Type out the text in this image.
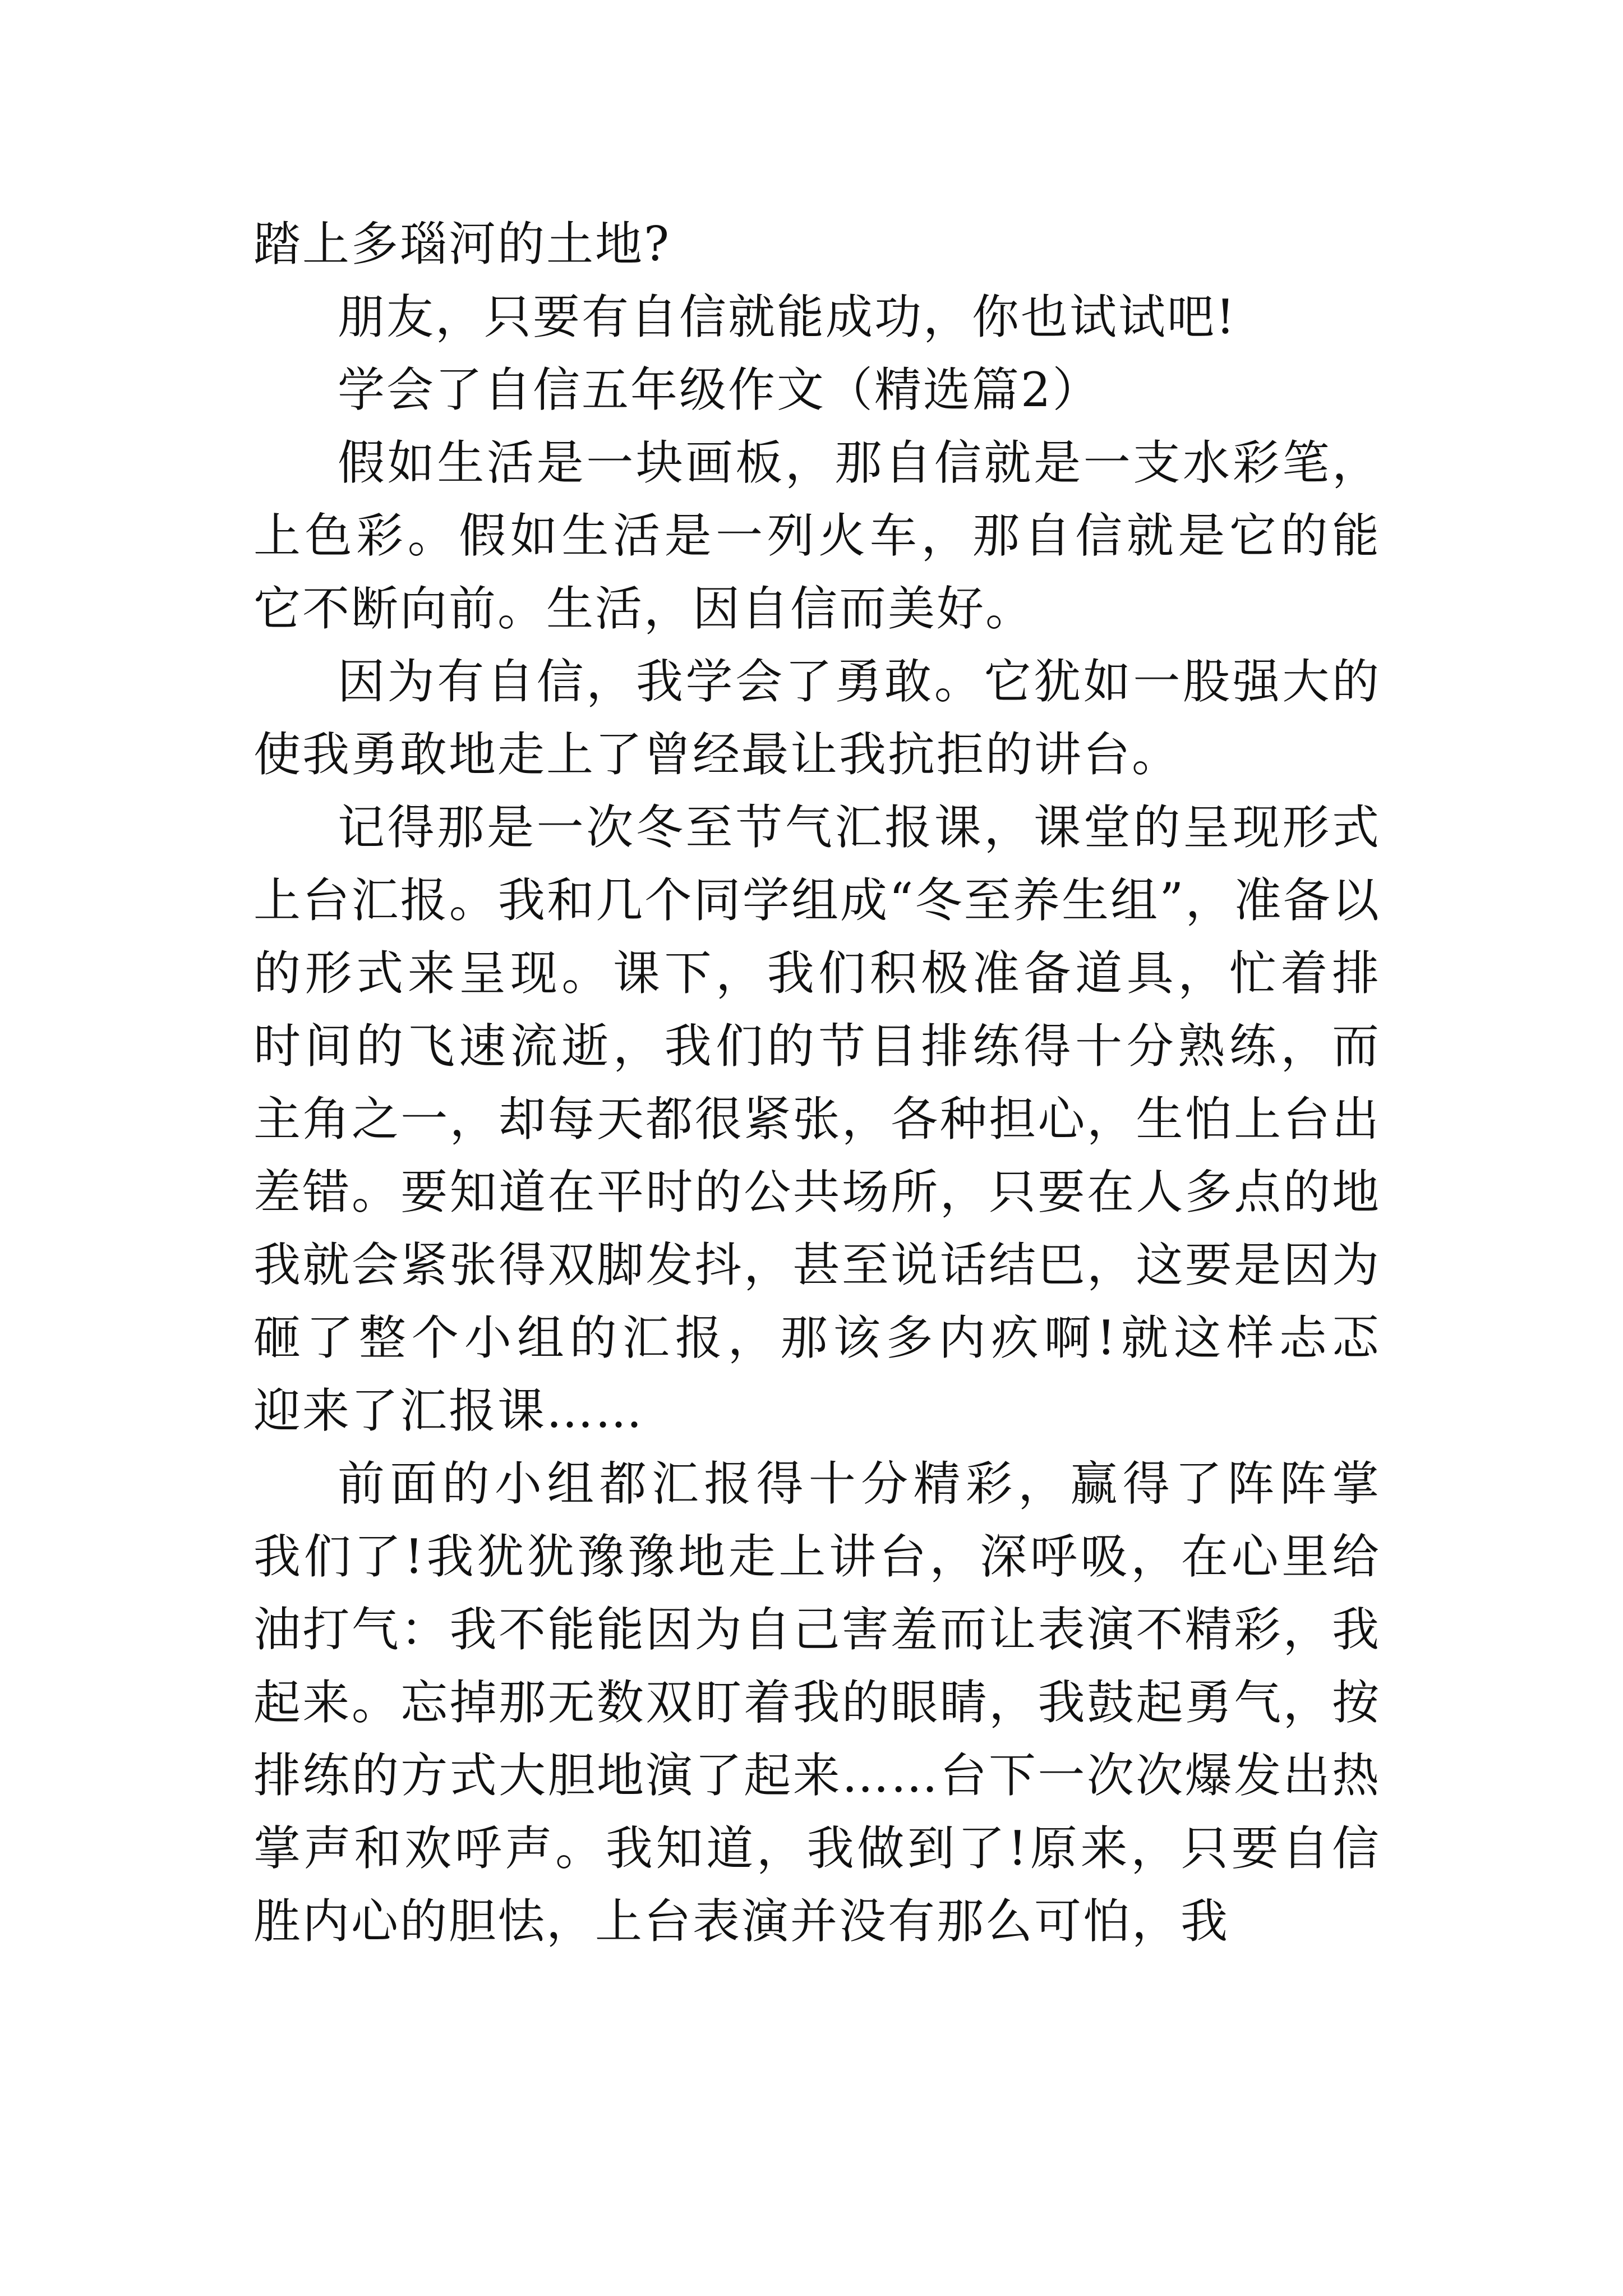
踏上多瑙河的土地?
朋友，只要有自信就能成功，你也试试吧!
学会了自信五年级作文（精选篇2）
假如生活是一块画板，那自信就是一支水彩笔，
上色彩。假如生活是一列火车，那自信就是它的能
它不断向前。生活，因自信而美好。
因为有自信，我学会了勇敢。它犹如一股强大的
使我勇敢地走上了曾经最让我抗拒的讲台。
记得那是一次冬至节气汇报课，课堂的呈现形式
上台汇报。我和几个同学组成“冬至养生组”，准备以
的形式来呈现。课下，我们积极准备道具，忙着排
时间的飞速流逝，我们的节目排练得十分熟练，而
主角之一，却每天都很紧张，各种担心，生怕上台出
差错。要知道在平时的公共场所，只要在人多点的地
我就会紧张得双脚发抖，甚至说话结巴，这要是因为
砸了整个小组的汇报，那该多内疚啊!就这样忐忑
迎来了汇报课……
前面的小组都汇报得十分精彩，赢得了阵阵掌
我们了!我犹犹豫豫地走上讲台，深呼吸，在心里给
油打气：我不能能因为自己害羞而让表演不精彩，我
起来。忘掉那无数双盯着我的眼睛，我鼓起勇气，按
排练的方式大胆地演了起来……台下一次次爆发出热
掌声和欢呼声。我知道，我做到了!原来，只要自信
胜内心的胆怯，上台表演并没有那么可怕，我
